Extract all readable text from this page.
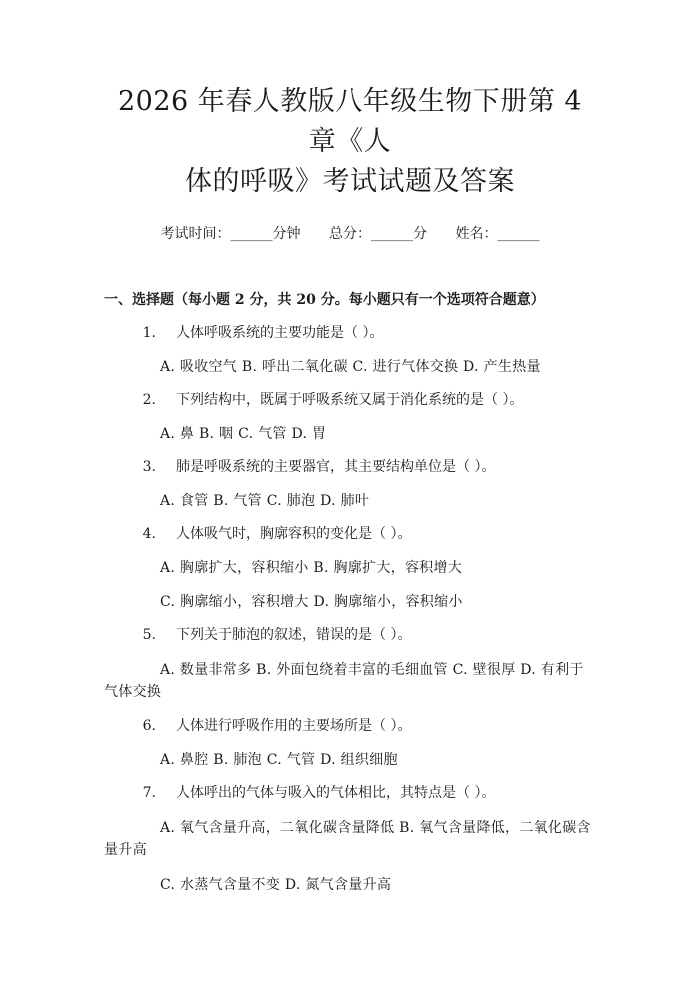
2026 年春人教版八年级生物下册第 4 章《人
体的呼吸》考试试题及答案
考试时间：______分钟 总分：______分 姓名：______
一、选择题（每小题 2 分，共 20 分。每小题只有一个选项符合题意）
1. 人体呼吸系统的主要功能是（ ）。
A. 吸收空气 B. 呼出二氧化碳 C. 进行气体交换 D. 产生热量
2. 下列结构中，既属于呼吸系统又属于消化系统的是（ ）。
A. 鼻 B. 咽 C. 气管 D. 胃
3. 肺是呼吸系统的主要器官，其主要结构单位是（ ）。
A. 食管 B. 气管 C. 肺泡 D. 肺叶
4. 人体吸气时，胸廓容积的变化是（ ）。
A. 胸廓扩大，容积缩小 B. 胸廓扩大，容积增大
C. 胸廓缩小，容积增大 D. 胸廓缩小，容积缩小
5. 下列关于肺泡的叙述，错误的是（ ）。
A. 数量非常多 B. 外面包绕着丰富的毛细血管 C. 壁很厚 D. 有利于气体交换
6. 人体进行呼吸作用的主要场所是（ ）。
A. 鼻腔 B. 肺泡 C. 气管 D. 组织细胞
7. 人体呼出的气体与吸入的气体相比，其特点是（ ）。
A. 氧气含量升高，二氧化碳含量降低 B. 氧气含量降低，二氧化碳含量升高
C. 水蒸气含量不变 D. 氮气含量升高
